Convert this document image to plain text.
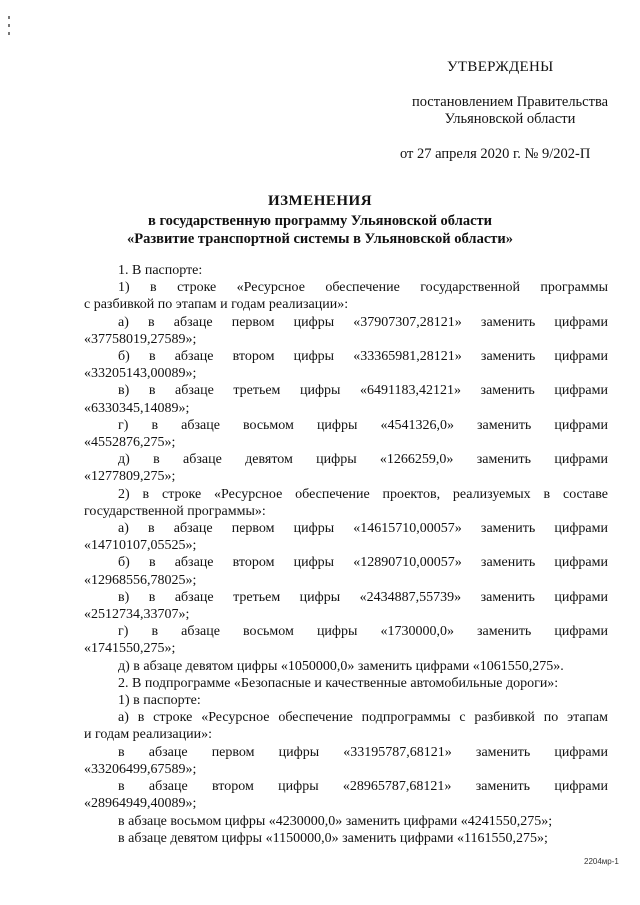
УТВЕРЖДЕНЫ
постановлением Правительства
Ульяновской области
от 27 апреля 2020 г. № 9/202-П
ИЗМЕНЕНИЯ
в государственную программу Ульяновской области
«Развитие транспортной системы в Ульяновской области»
1. В паспорте:
1) в строке «Ресурсное обеспечение государственной программы
с разбивкой по этапам и годам реализации»:
а) в абзаце первом цифры «37907307,28121» заменить цифрами
«37758019,27589»;
б) в абзаце втором цифры «33365981,28121» заменить цифрами
«33205143,00089»;
в) в абзаце третьем цифры «6491183,42121» заменить цифрами
«6330345,14089»;
г) в абзаце восьмом цифры «4541326,0» заменить цифрами
«4552876,275»;
д) в абзаце девятом цифры «1266259,0» заменить цифрами
«1277809,275»;
2) в строке «Ресурсное обеспечение проектов, реализуемых в составе
государственной программы»:
а) в абзаце первом цифры «14615710,00057» заменить цифрами
«14710107,05525»;
б) в абзаце втором цифры «12890710,00057» заменить цифрами
«12968556,78025»;
в) в абзаце третьем цифры «2434887,55739» заменить цифрами
«2512734,33707»;
г) в абзаце восьмом цифры «1730000,0» заменить цифрами
«1741550,275»;
д) в абзаце девятом цифры «1050000,0» заменить цифрами «1061550,275».
2. В подпрограмме «Безопасные и качественные автомобильные дороги»:
1) в паспорте:
а) в строке «Ресурсное обеспечение подпрограммы с разбивкой по этапам
и годам реализации»:
в абзаце первом цифры «33195787,68121» заменить цифрами
«33206499,67589»;
в абзаце втором цифры «28965787,68121» заменить цифрами
«28964949,40089»;
в абзаце восьмом цифры «4230000,0» заменить цифрами «4241550,275»;
в абзаце девятом цифры «1150000,0» заменить цифрами «1161550,275»;
2204мр-1
